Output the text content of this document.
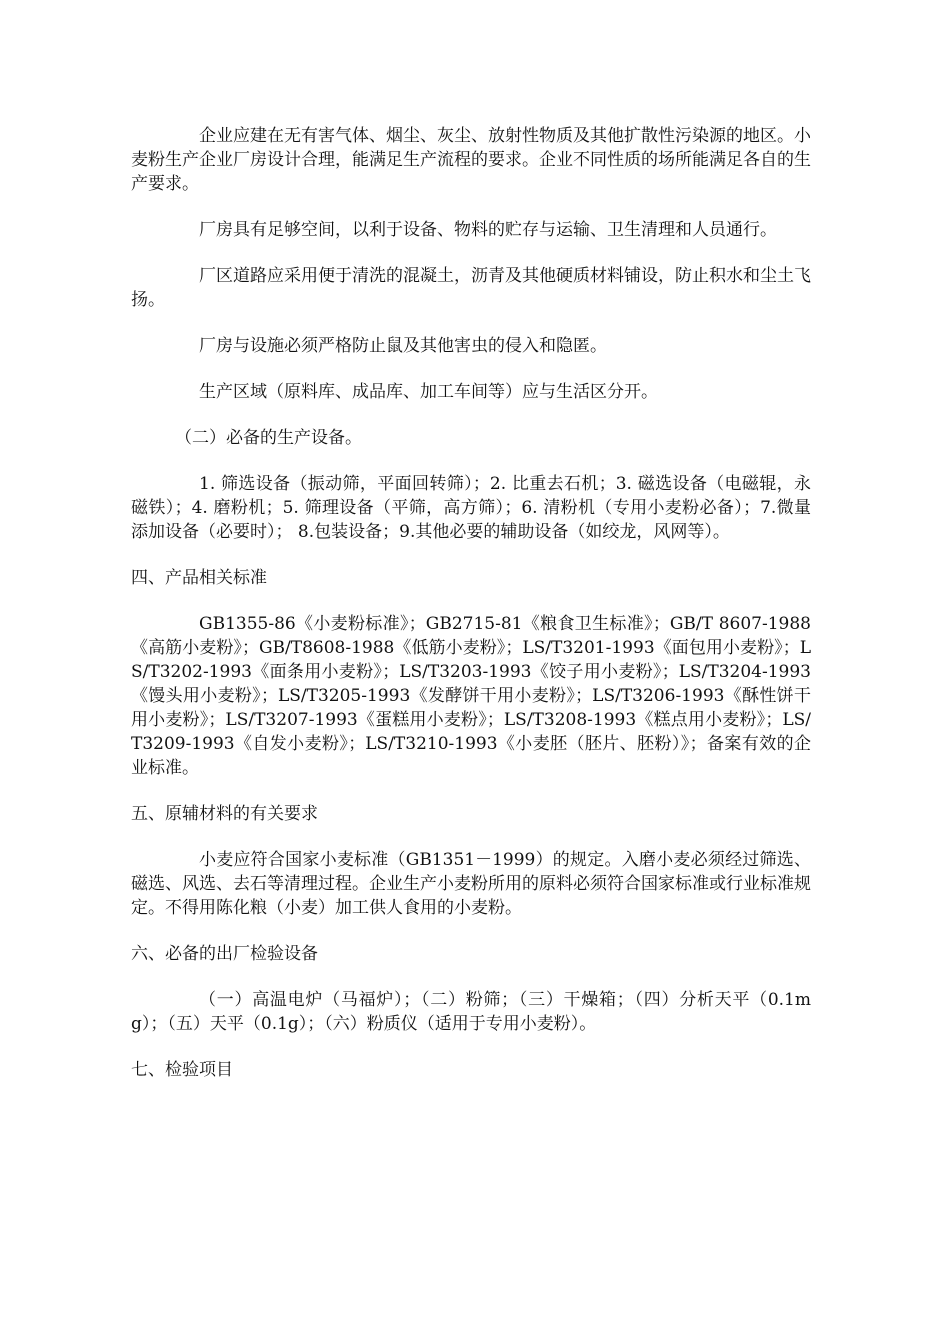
企业应建在无有害气体、烟尘、灰尘、放射性物质及其他扩散性污染源的地区。小麦粉生产企业厂房设计合理，能满足生产流程的要求。企业不同性质的场所能满足各自的生产要求。

厂房具有足够空间，以利于设备、物料的贮存与运输、卫生清理和人员通行。

厂区道路应采用便于清洗的混凝土，沥青及其他硬质材料铺设，防止积水和尘土飞扬。

厂房与设施必须严格防止鼠及其他害虫的侵入和隐匿。

生产区域（原料库、成品库、加工车间等）应与生活区分开。

（二）必备的生产设备。

1. 筛选设备（振动筛，平面回转筛）；2. 比重去石机；3. 磁选设备（电磁辊，永磁铁）；4. 磨粉机；5. 筛理设备（平筛，高方筛）；6. 清粉机（专用小麦粉必备）；7.微量添加设备（必要时）； 8.包装设备；9.其他必要的辅助设备（如绞龙，风网等）。

四、产品相关标准

GB1355-86《小麦粉标准》；GB2715-81《粮食卫生标准》；GB/T 8607-1988《高筋小麦粉》；GB/T8608-1988《低筋小麦粉》；LS/T3201-1993《面包用小麦粉》；LS/T3202-1993《面条用小麦粉》；LS/T3203-1993《饺子用小麦粉》；LS/T3204-1993《馒头用小麦粉》；LS/T3205-1993《发酵饼干用小麦粉》；LS/T3206-1993《酥性饼干用小麦粉》；LS/T3207-1993《蛋糕用小麦粉》；LS/T3208-1993《糕点用小麦粉》；LS/T3209-1993《自发小麦粉》；LS/T3210-1993《小麦胚（胚片、胚粉）》；备案有效的企业标准。

五、原辅材料的有关要求

小麦应符合国家小麦标准（GB1351－1999）的规定。入磨小麦必须经过筛选、磁选、风选、去石等清理过程。企业生产小麦粉所用的原料必须符合国家标准或行业标准规定。不得用陈化粮（小麦）加工供人食用的小麦粉。

六、必备的出厂检验设备

（一）高温电炉（马福炉）；（二）粉筛；（三）干燥箱；（四）分析天平（0.1mg）；（五）天平（0.1g）；（六）粉质仪（适用于专用小麦粉）。

七、检验项目
